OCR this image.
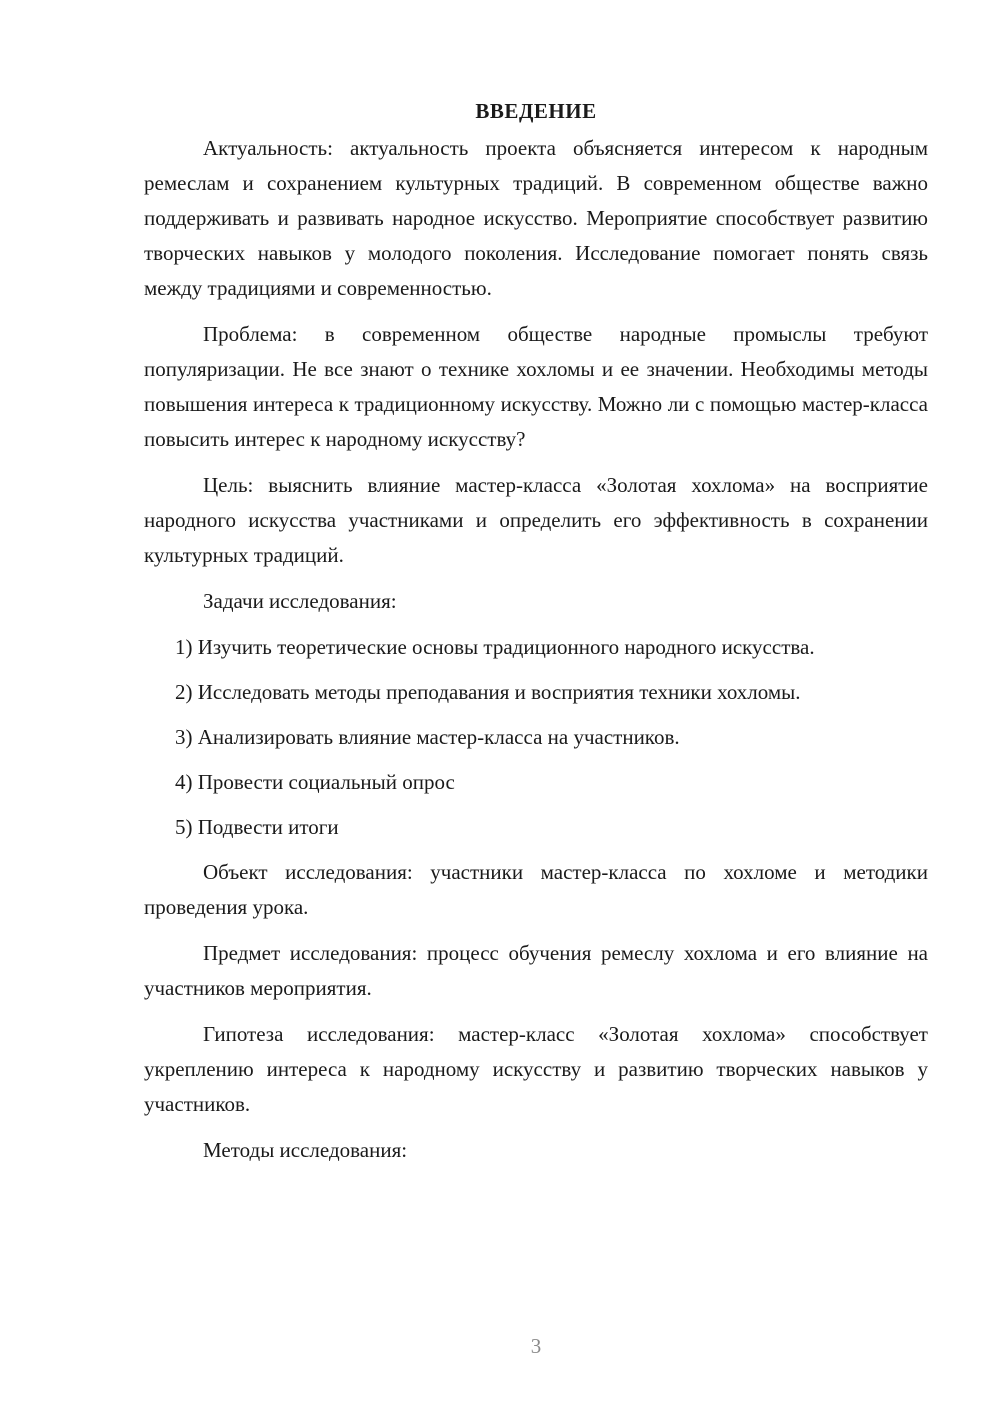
ВВЕДЕНИЕ

Актуальность: актуальность проекта объясняется интересом к народным ремеслам и сохранением культурных традиций. В современном обществе важно поддерживать и развивать народное искусство. Мероприятие способствует развитию творческих навыков у молодого поколения. Исследование помогает понять связь между традициями и современностью.

Проблема: в современном обществе народные промыслы требуют популяризации. Не все знают о технике хохломы и ее значении. Необходимы методы повышения интереса к традиционному искусству. Можно ли с помощью мастер-класса повысить интерес к народному искусству?

Цель: выяснить влияние мастер-класса «Золотая хохлома» на восприятие народного искусства участниками и определить его эффективность в сохранении культурных традиций.

Задачи исследования:

1) Изучить теоретические основы традиционного народного искусства.

2) Исследовать методы преподавания и восприятия техники хохломы.

3) Анализировать влияние мастер-класса на участников.

4) Провести социальный опрос

5) Подвести итоги

Объект исследования: участники мастер-класса по хохломе и методики проведения урока.

Предмет исследования: процесс обучения ремеслу хохлома и его влияние на участников мероприятия.

Гипотеза исследования: мастер-класс «Золотая хохлома» способствует укреплению интереса к народному искусству и развитию творческих навыков у участников.

Методы исследования:

3
